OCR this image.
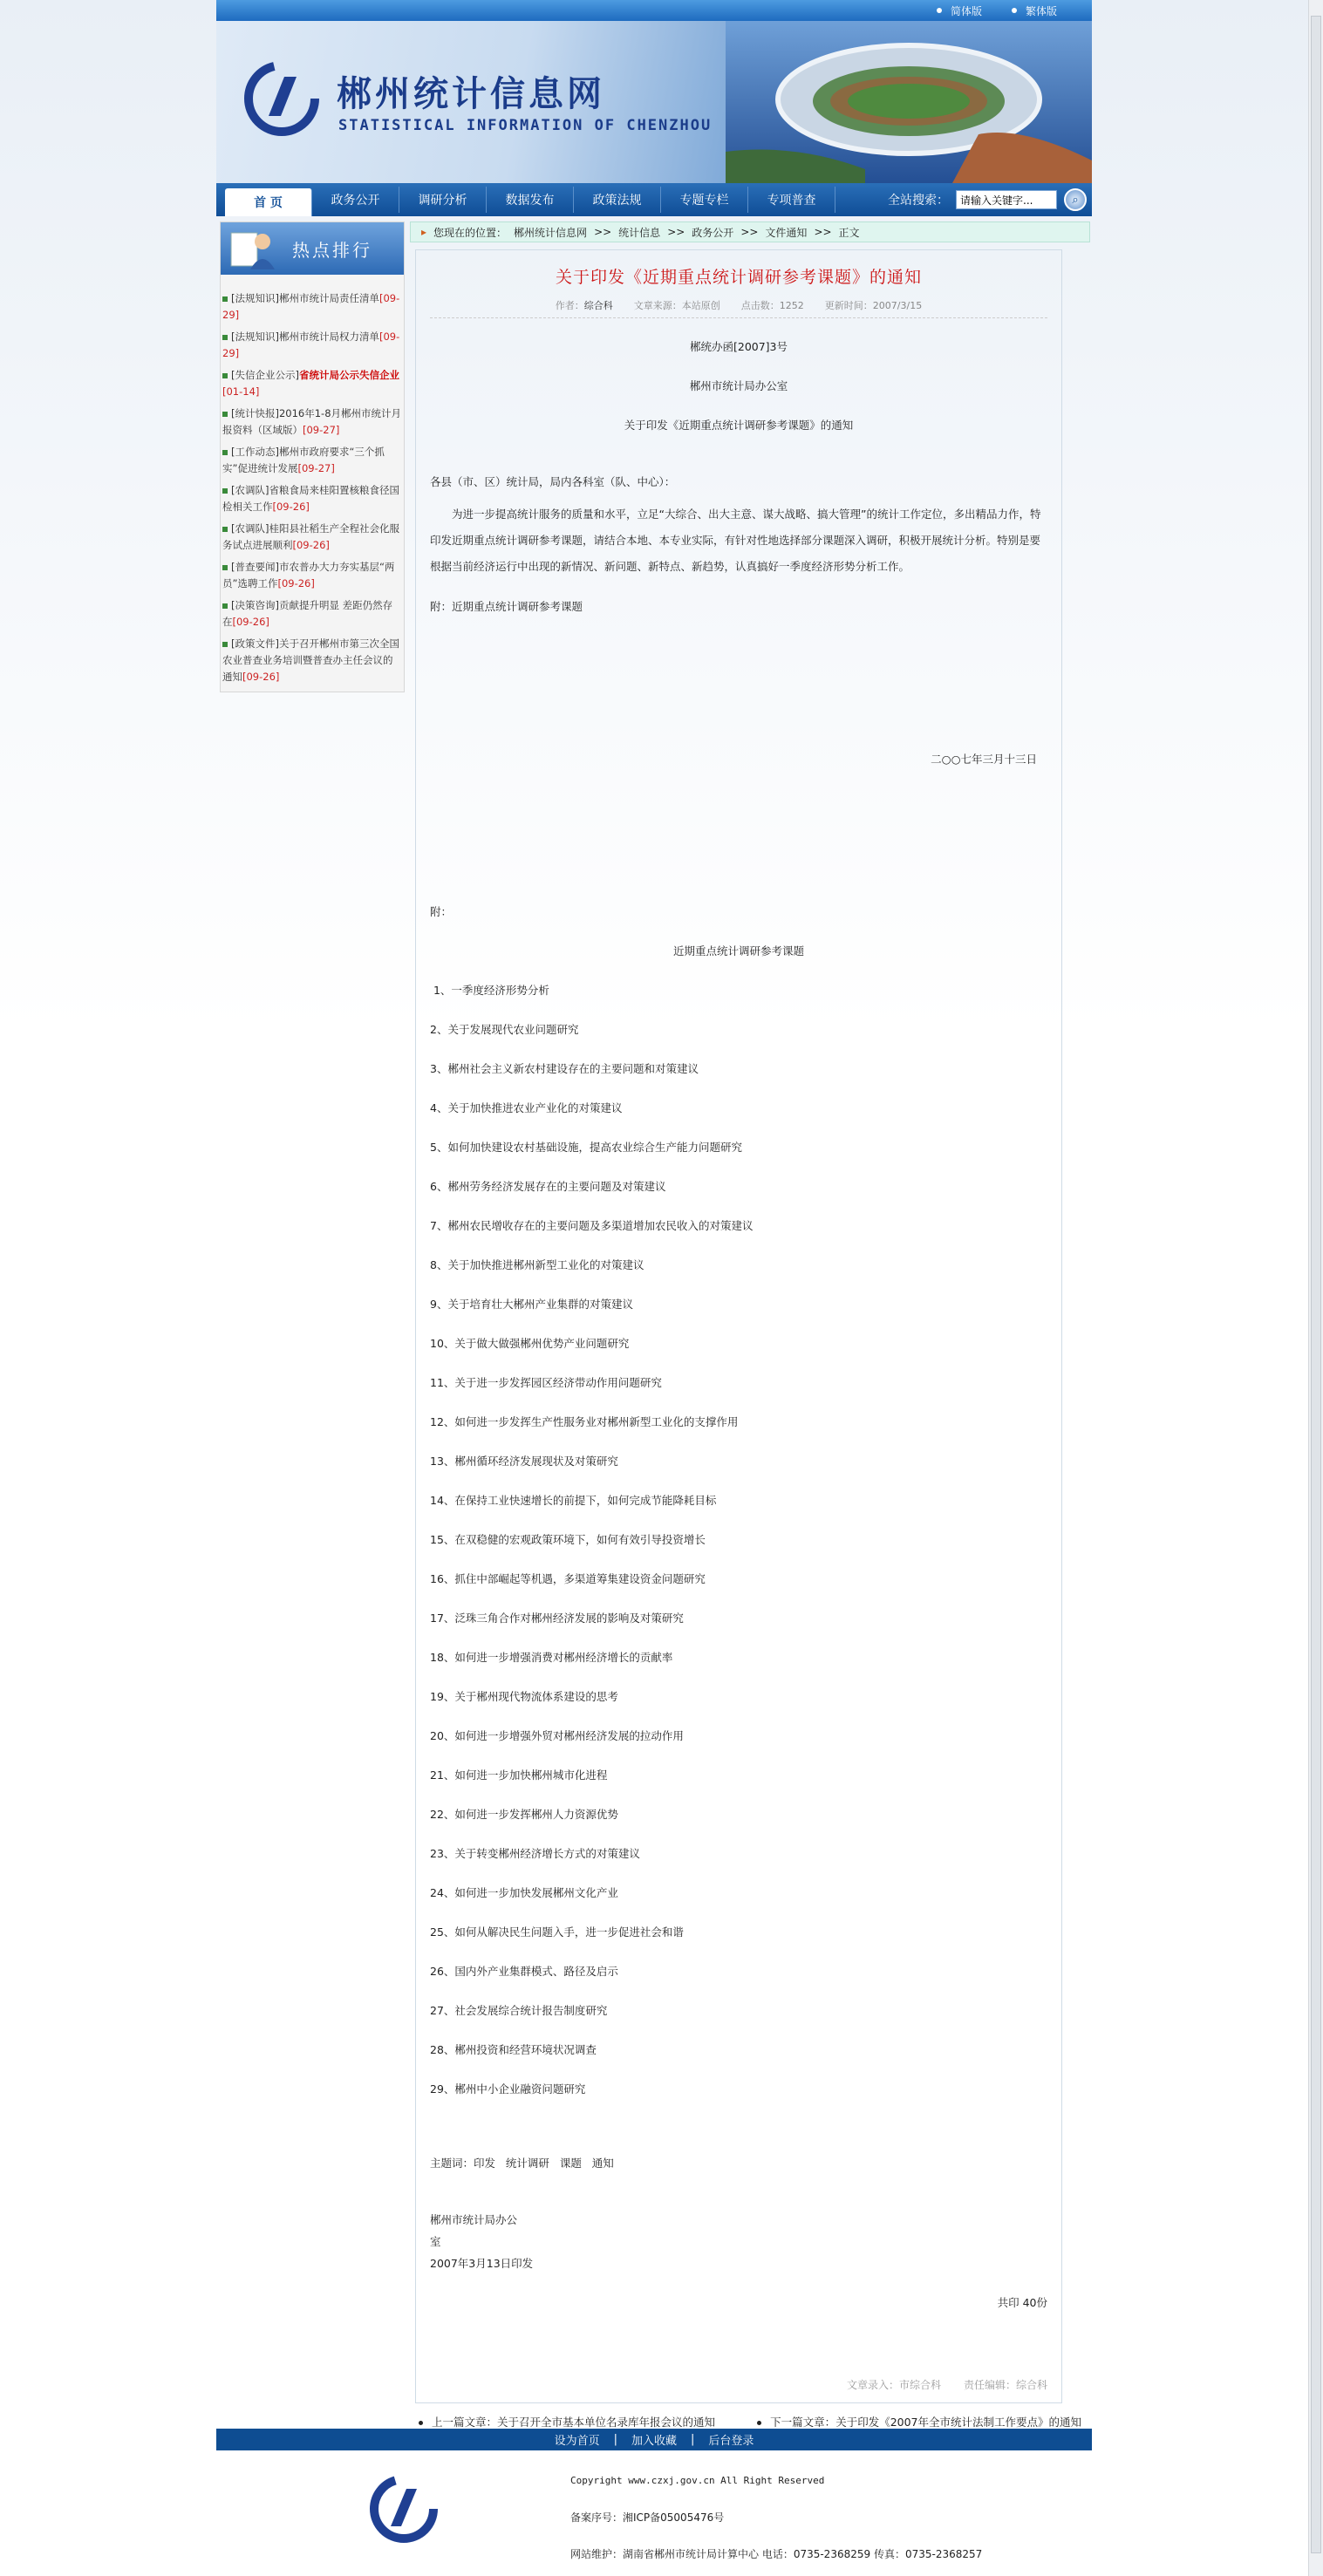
简体版	繁体版
郴州统计信息网
STATISTICAL INFORMATION OF CHENZHOU
首 页	政务公开	调研分析	数据发布	政策法规	专题专栏	专项普查	全站搜索：
请输入关键字...	⌕
热点排行
[法规知识]郴州市统计局责任清单[09-29]
[法规知识]郴州市统计局权力清单[09-29]
[失信企业公示]省统计局公示失信企业[01-14]
[统计快报]2016年1-8月郴州市统计月报资料（区域版）[09-27]
[工作动态]郴州市政府要求“三个抓实”促进统计发展[09-27]
[农调队]省粮食局来桂阳置核粮食径国检相关工作[09-26]
[农调队]桂阳县社稻生产全程社会化服务试点进展顺利[09-26]
[普查要闻]市农普办大力夯实基层“两员”选聘工作[09-26]
[决策咨询]贡献提升明显 差距仍然存在[09-26]
[政策文件]关于召开郴州市第三次全国农业普查业务培训暨普查办主任会议的通知[09-26]
▸ 您现在的位置： 郴州统计信息网 >> 统计信息 >> 政务公开 >> 文件通知 >> 正文
关于印发《近期重点统计调研参考课题》的通知
作者：综合科 文章来源：本站原创 点击数：1252 更新时间：2007/3/15
郴统办函[2007]3号
郴州市统计局办公室
关于印发《近期重点统计调研参考课题》的通知
各县（市、区）统计局，局内各科室（队、中心）：
为进一步提高统计服务的质量和水平，立足“大综合、出大主意、谋大战略、搞大管理”的统计工作定位，多出精品力作，特印发近期重点统计调研参考课题，请结合本地、本专业实际，有针对性地选择部分课题深入调研，积极开展统计分析。特别是要根据当前经济运行中出现的新情况、新问题、新特点、新趋势，认真搞好一季度经济形势分析工作。
附：近期重点统计调研参考课题
二○○七年三月十三日
附：
近期重点统计调研参考课题
1、一季度经济形势分析
2、关于发展现代农业问题研究
3、郴州社会主义新农村建设存在的主要问题和对策建议
4、关于加快推进农业产业化的对策建议
5、如何加快建设农村基础设施，提高农业综合生产能力问题研究
6、郴州劳务经济发展存在的主要问题及对策建议
7、郴州农民增收存在的主要问题及多渠道增加农民收入的对策建议
8、关于加快推进郴州新型工业化的对策建议
9、关于培育壮大郴州产业集群的对策建议
10、关于做大做强郴州优势产业问题研究
11、关于进一步发挥园区经济带动作用问题研究
12、如何进一步发挥生产性服务业对郴州新型工业化的支撑作用
13、郴州循环经济发展现状及对策研究
14、在保持工业快速增长的前提下，如何完成节能降耗目标
15、在双稳健的宏观政策环境下，如何有效引导投资增长
16、抓住中部崛起等机遇，多渠道筹集建设资金问题研究
17、泛珠三角合作对郴州经济发展的影响及对策研究
18、如何进一步增强消费对郴州经济增长的贡献率
19、关于郴州现代物流体系建设的思考
20、如何进一步增强外贸对郴州经济发展的拉动作用
21、如何进一步加快郴州城市化进程
22、如何进一步发挥郴州人力资源优势
23、关于转变郴州经济增长方式的对策建议
24、如何进一步加快发展郴州文化产业
25、如何从解决民生问题入手，进一步促进社会和谐
26、国内外产业集群模式、路径及启示
27、社会发展综合统计报告制度研究
28、郴州投资和经营环境状况调查
29、郴州中小企业融资问题研究
主题词：印发   统计调研   课题   通知
郴州市统计局办公
室
2007年3月13日印发
共印 40份
文章录入：市综合科 责任编辑：综合科
上一篇文章：关于召开全市基本单位名录库年报会议的通知	下一篇文章：关于印发《2007年全市统计法制工作要点》的通知
设为首页 | 加入收藏 | 后台登录
Copyright www.czxj.gov.cn All Right Reserved
备案序号：湘ICP备05005476号
网站维护：湖南省郴州市统计局计算中心 电话：0735-2368259 传真：0735-2368257
